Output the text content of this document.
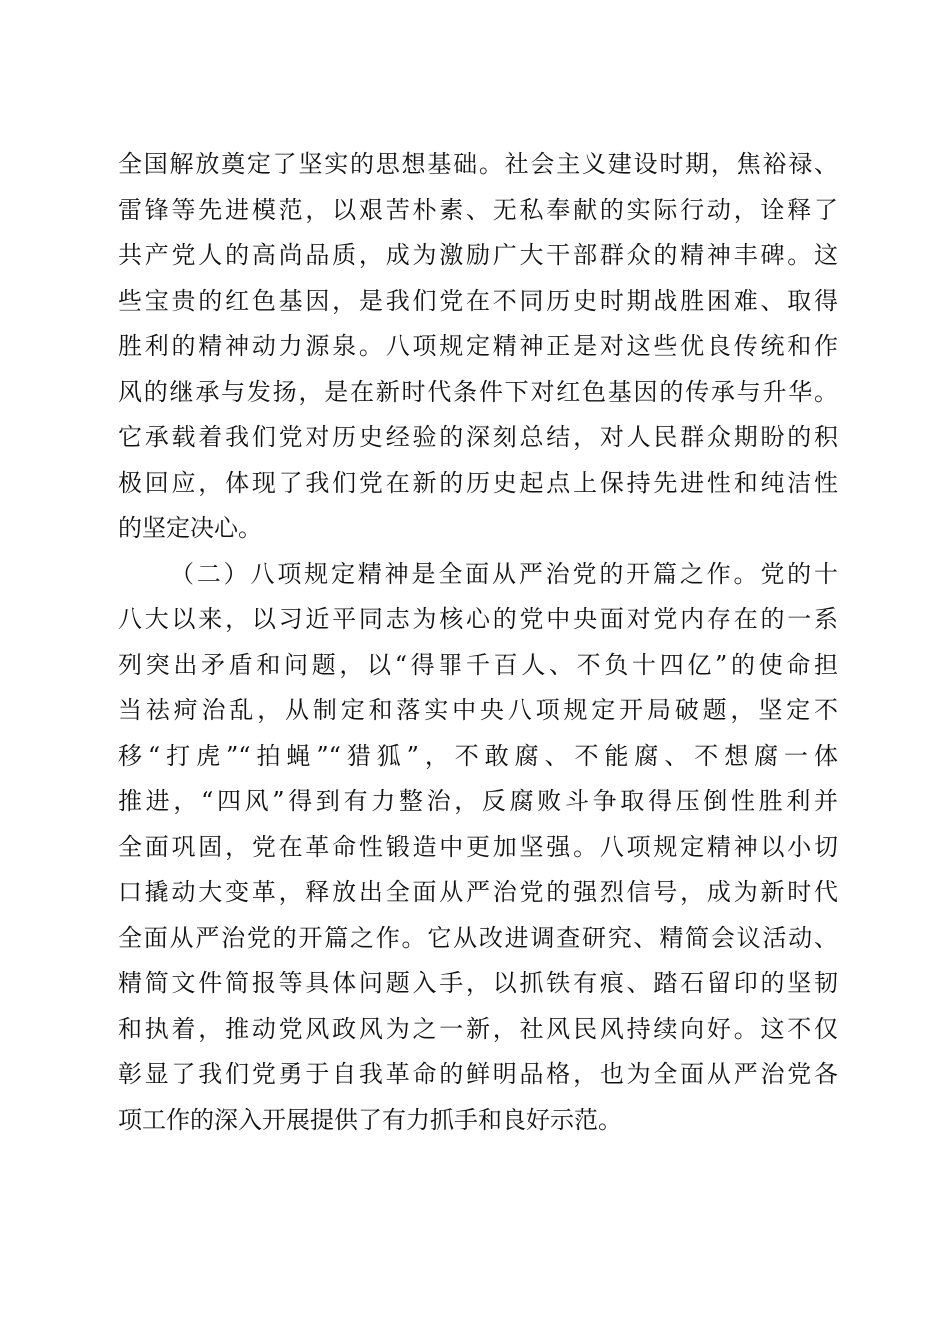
全国解放奠定了坚实的思想基础。社会主义建设时期，焦裕禄、
雷锋等先进模范，以艰苦朴素、无私奉献的实际行动，诠释了
共产党人的高尚品质，成为激励广大干部群众的精神丰碑。这
些宝贵的红色基因，是我们党在不同历史时期战胜困难、取得
胜利的精神动力源泉。八项规定精神正是对这些优良传统和作
风的继承与发扬，是在新时代条件下对红色基因的传承与升华。
它承载着我们党对历史经验的深刻总结，对人民群众期盼的积
极回应，体现了我们党在新的历史起点上保持先进性和纯洁性
的坚定决心。
（二）八项规定精神是全面从严治党的开篇之作。党的十
八大以来，以习近平同志为核心的党中央面对党内存在的一系
列突出矛盾和问题，以“得罪千百人、不负十四亿”的使命担
当祛疴治乱，从制定和落实中央八项规定开局破题，坚定不
移“打虎”“拍蝇”“猎狐”，不敢腐、不能腐、不想腐一体
推进，“四风”得到有力整治，反腐败斗争取得压倒性胜利并
全面巩固，党在革命性锻造中更加坚强。八项规定精神以小切
口撬动大变革，释放出全面从严治党的强烈信号，成为新时代
全面从严治党的开篇之作。它从改进调查研究、精简会议活动、
精简文件简报等具体问题入手，以抓铁有痕、踏石留印的坚韧
和执着，推动党风政风为之一新，社风民风持续向好。这不仅
彰显了我们党勇于自我革命的鲜明品格，也为全面从严治党各
项工作的深入开展提供了有力抓手和良好示范。
